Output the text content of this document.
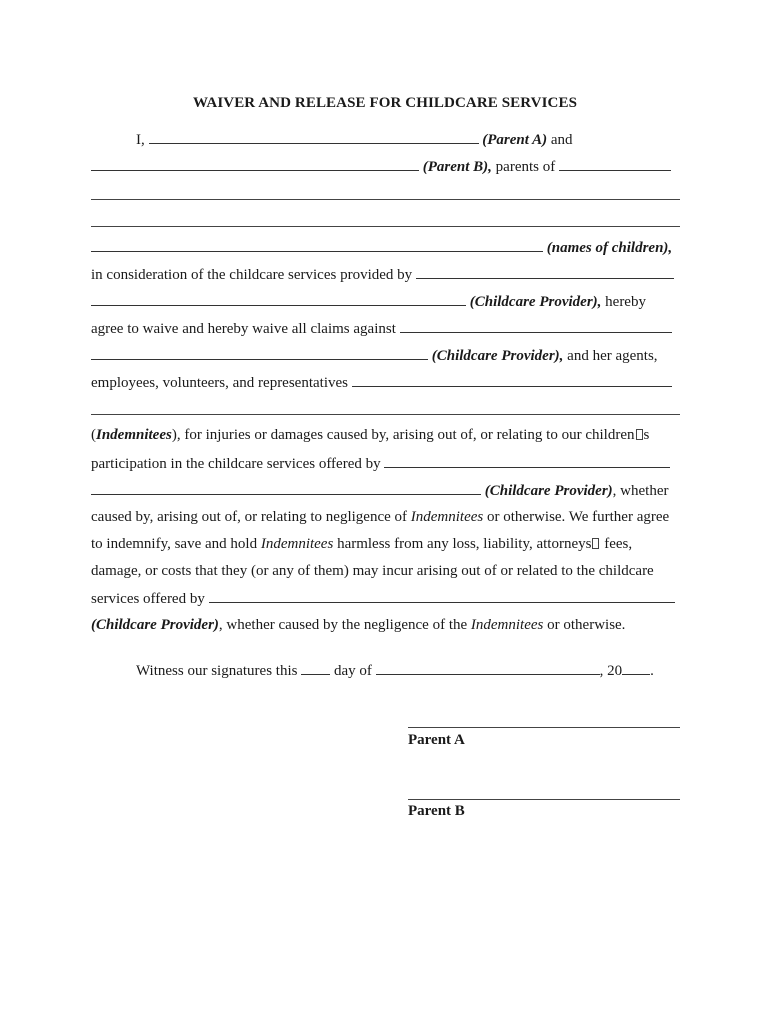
WAIVER AND RELEASE FOR CHILDCARE SERVICES
I,	(Parent A) and
(Parent B), parents of
(names of children),
in consideration of the childcare services provided by
(Childcare Provider), hereby
agree to waive and hereby waive all claims against
(Childcare Provider), and her agents,
employees, volunteers, and representatives
(Indemnitees), for injuries or damages caused by, arising out of, or relating to our children s
participation in the childcare services offered by
(Childcare Provider), whether
caused by, arising out of, or relating to negligence of Indemnitees or otherwise. We further agree
to indemnify, save and hold Indemnitees harmless from any loss, liability, attorneys fees,
damage, or costs that they (or any of them) may incur arising out of or related to the childcare
services offered by
(Childcare Provider), whether caused by the negligence of the Indemnitees or otherwise.
Witness our signatures this day of	, 20 .
Parent A
Parent B
